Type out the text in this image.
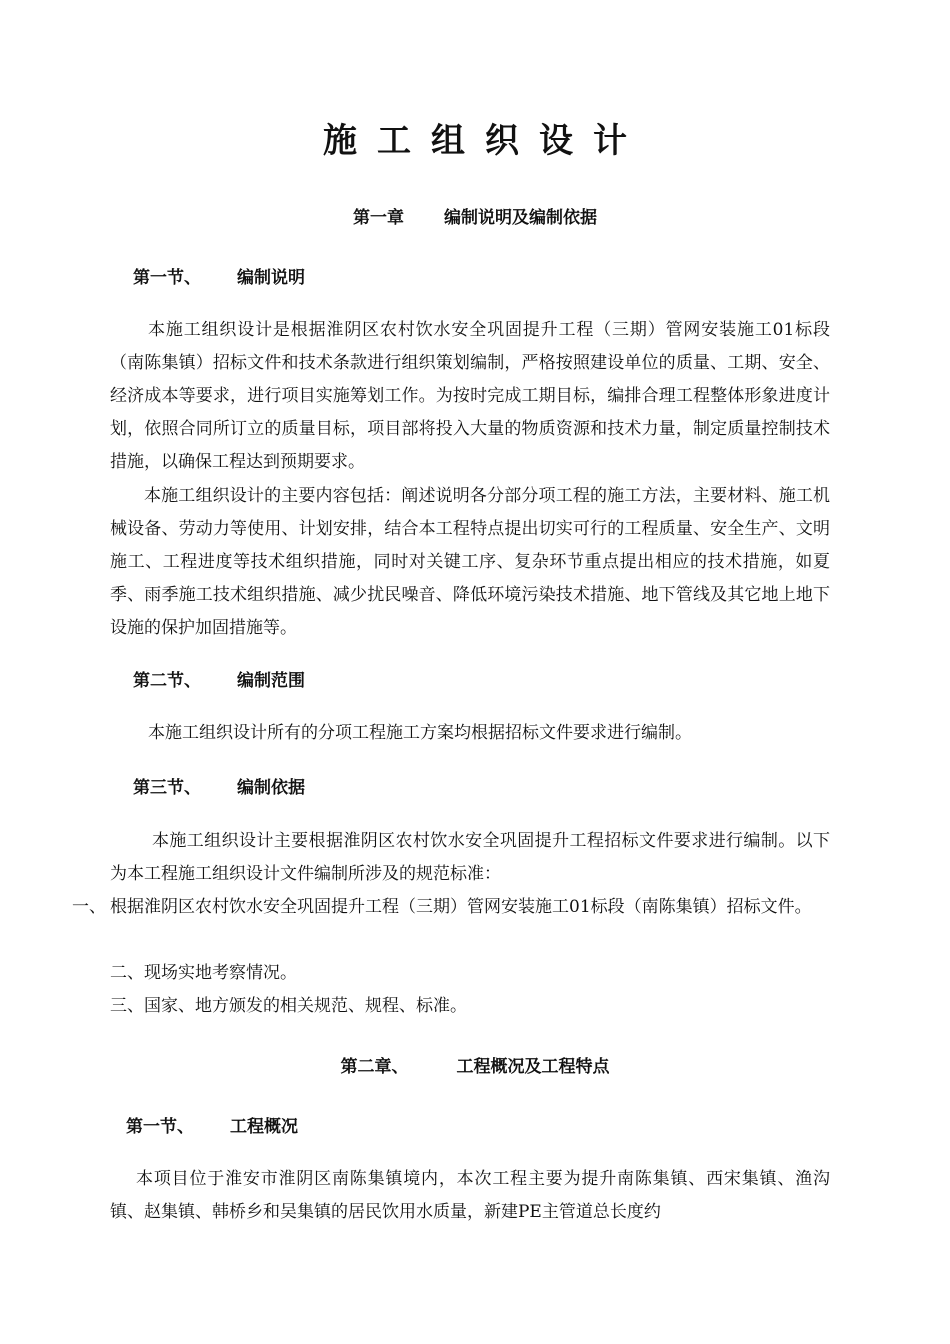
施工组织设计
第一章 编制说明及编制依据
第一节、 编制说明
本施工组织设计是根据淮阴区农村饮水安全巩固提升工程（三期）管网安装施工01标段（南陈集镇）招标文件和技术条款进行组织策划编制，严格按照建设单位的质量、工期、安全、经济成本等要求，进行项目实施筹划工作。为按时完成工期目标，编排合理工程整体形象进度计划，依照合同所订立的质量目标，项目部将投入大量的物质资源和技术力量，制定质量控制技术措施，以确保工程达到预期要求。
本施工组织设计的主要内容包括：阐述说明各分部分项工程的施工方法，主要材料、施工机械设备、劳动力等使用、计划安排，结合本工程特点提出切实可行的工程质量、安全生产、文明施工、工程进度等技术组织措施，同时对关键工序、复杂环节重点提出相应的技术措施，如夏季、雨季施工技术组织措施、减少扰民噪音、降低环境污染技术措施、地下管线及其它地上地下设施的保护加固措施等。
第二节、 编制范围
本施工组织设计所有的分项工程施工方案均根据招标文件要求进行编制。
第三节、 编制依据
本施工组织设计主要根据淮阴区农村饮水安全巩固提升工程招标文件要求进行编制。以下为本工程施工组织设计文件编制所涉及的规范标准：
一、 根据淮阴区农村饮水安全巩固提升工程（三期）管网安装施工01标段（南陈集镇）招标文件。
二、现场实地考察情况。
三、国家、地方颁发的相关规范、规程、标准。
第二章、	工程概况及工程特点
第一节、 工程概况
本项目位于淮安市淮阴区南陈集镇境内，本次工程主要为提升南陈集镇、西宋集镇、渔沟镇、赵集镇、韩桥乡和吴集镇的居民饮用水质量，新建PE主管道总长度约
